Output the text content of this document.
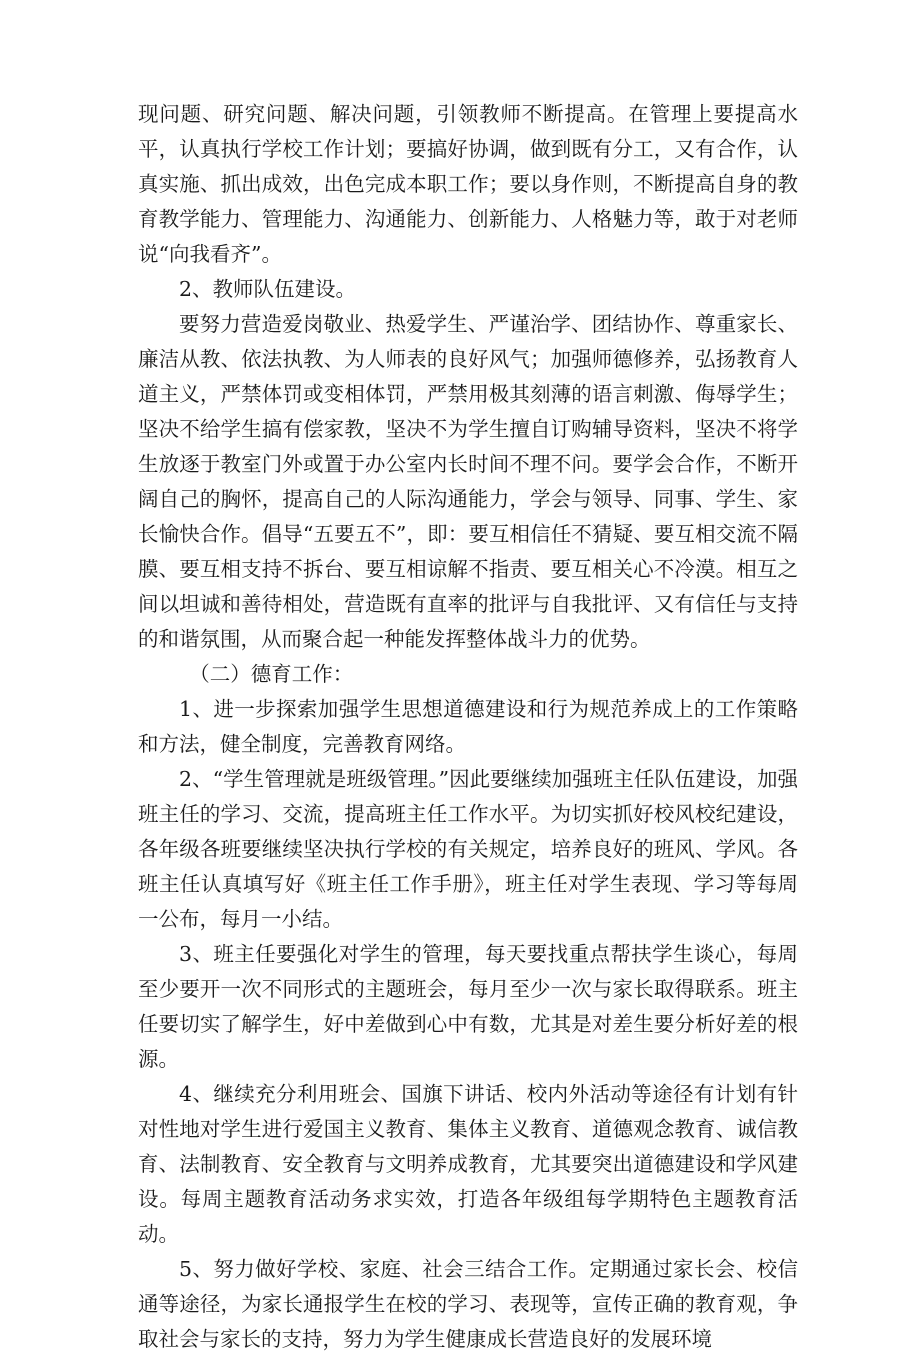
现问题、研究问题、解决问题，引领教师不断提高。在管理上要提高水平，认真执行学校工作计划；要搞好协调，做到既有分工，又有合作，认真实施、抓出成效，出色完成本职工作；要以身作则，不断提高自身的教育教学能力、管理能力、沟通能力、创新能力、人格魅力等，敢于对老师说“向我看齐”。

2、教师队伍建设。

要努力营造爱岗敬业、热爱学生、严谨治学、团结协作、尊重家长、廉洁从教、依法执教、为人师表的良好风气；加强师德修养，弘扬教育人道主义，严禁体罚或变相体罚，严禁用极其刻薄的语言刺激、侮辱学生；坚决不给学生搞有偿家教，坚决不为学生擅自订购辅导资料，坚决不将学生放逐于教室门外或置于办公室内长时间不理不问。要学会合作，不断开阔自己的胸怀，提高自己的人际沟通能力，学会与领导、同事、学生、家长愉快合作。倡导“五要五不”，即：要互相信任不猜疑、要互相交流不隔膜、要互相支持不拆台、要互相谅解不指责、要互相关心不冷漠。相互之间以坦诚和善待相处，营造既有直率的批评与自我批评、又有信任与支持的和谐氛围，从而聚合起一种能发挥整体战斗力的优势。

（二）德育工作：

1、进一步探索加强学生思想道德建设和行为规范养成上的工作策略和方法，健全制度，完善教育网络。

2、“学生管理就是班级管理。”因此要继续加强班主任队伍建设，加强班主任的学习、交流，提高班主任工作水平。为切实抓好校风校纪建设，各年级各班要继续坚决执行学校的有关规定，培养良好的班风、学风。各班主任认真填写好《班主任工作手册》，班主任对学生表现、学习等每周一公布，每月一小结。

3、班主任要强化对学生的管理，每天要找重点帮扶学生谈心，每周至少要开一次不同形式的主题班会，每月至少一次与家长取得联系。班主任要切实了解学生，好中差做到心中有数，尤其是对差生要分析好差的根源。

4、继续充分利用班会、国旗下讲话、校内外活动等途径有计划有针对性地对学生进行爱国主义教育、集体主义教育、道德观念教育、诚信教育、法制教育、安全教育与文明养成教育，尤其要突出道德建设和学风建设。每周主题教育活动务求实效，打造各年级组每学期特色主题教育活动。

5、努力做好学校、家庭、社会三结合工作。定期通过家长会、校信通等途径，为家长通报学生在校的学习、表现等，宣传正确的教育观，争取社会与家长的支持，努力为学生健康成长营造良好的发展环境
